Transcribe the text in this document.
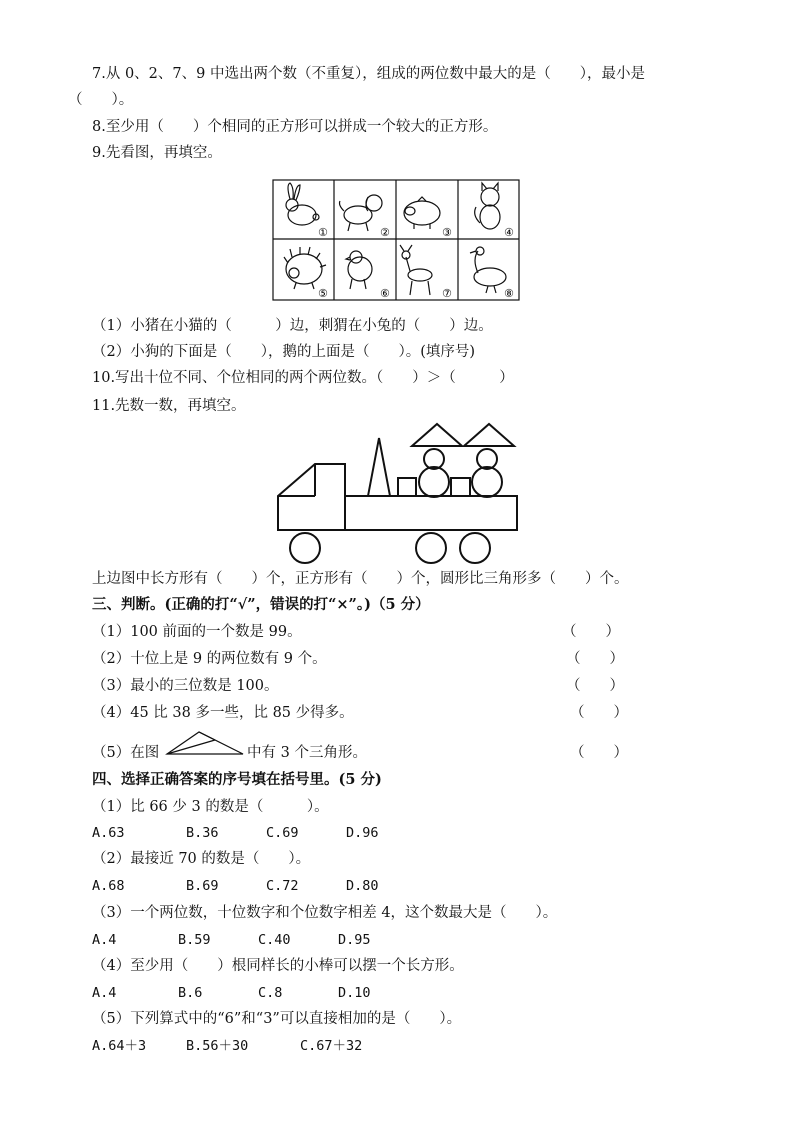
7.从 0、2、7、9 中选出两个数（不重复），组成的两位数中最大的是（　　），最小是
（　　）。
8.至少用（　　）个相同的正方形可以拼成一个较大的正方形。
9.先看图，再填空。
①	②	③	④
⑤	⑥	⑦	⑧
（1）小猪在小猫的（　　　）边，刺猬在小兔的（　　）边。
（2）小狗的下面是（　　），鹅的上面是（　　）。(填序号)
10.写出十位不同、个位相同的两个两位数。（　　）＞（　　　）
11.先数一数，再填空。
上边图中长方形有（　　）个，正方形有（　　）个，圆形比三角形多（　　）个。
三、判断。(正确的打“√”，错误的打“×”。)（5 分）
（1）100 前面的一个数是 99。	（　　）
（2）十位上是 9 的两位数有 9 个。	（　　）
（3）最小的三位数是 100。	（　　）
（4）45 比 38 多一些，比 85 少得多。	（　　）
（5）在图	中有 3 个三角形。	（　　）
四、选择正确答案的序号填在括号里。(5 分)
（1）比 66 少 3 的数是（　　　）。
A.63	B.36	C.69	D.96
（2）最接近 70 的数是（　　）。
A.68	B.69	C.72	D.80
（3）一个两位数，十位数字和个位数字相差 4，这个数最大是（　　）。
A.4	B.59	C.40	D.95
（4）至少用（　　）根同样长的小棒可以摆一个长方形。
A.4	B.6	C.8	D.10
（5）下列算式中的“6”和“3”可以直接相加的是（　　）。
A.64＋3	B.56＋30	C.67＋32
